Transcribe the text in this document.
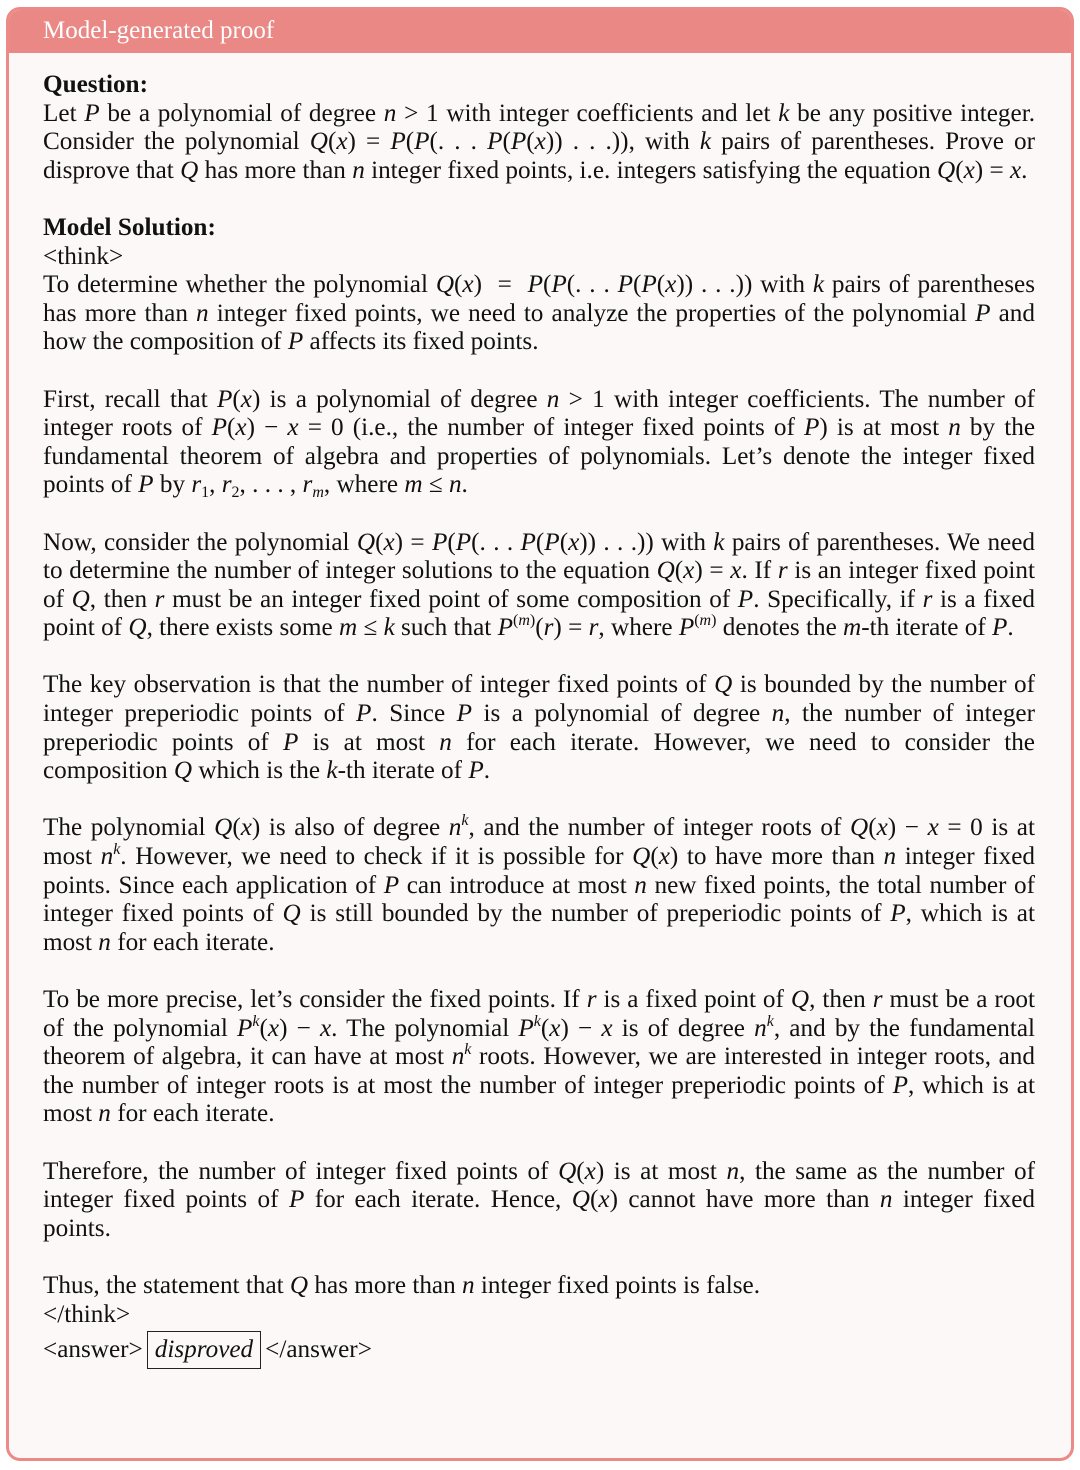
Model-generated proof
Question:

Let P be a polynomial of degree n > 1 with integer coefficients and let k be any positive integer. Consider the polynomial Q(x) = P(P(. . . P(P(x)) . . .)), with k pairs of parentheses. Prove or disprove that Q has more than n integer fixed points, i.e. integers satisfying the equation Q(x) = x.

Model Solution:
<think>

To determine whether the polynomial Q(x)  =  P(P(. . . P(P(x)) . . .)) with k pairs of parentheses has more than n integer fixed points, we need to analyze the properties of the polynomial P and how the composition of P affects its fixed points.

First, recall that P(x) is a polynomial of degree n > 1 with integer coefficients. The number of integer roots of P(x) − x = 0 (i.e., the number of integer fixed points of P) is at most n by the fundamental theorem of algebra and properties of polynomials. Let’s denote the integer fixed points of P by $r_1$, $r_2$, . . . , $r_m$, where m ≤ n.

Now, consider the polynomial Q(x) = P(P(. . . P(P(x)) . . .)) with k pairs of parentheses. We need to determine the number of integer solutions to the equation Q(x) = x. If r is an integer fixed point of Q, then r must be an integer fixed point of some composition of P. Specifically, if r is a fixed point of Q, there exists some m ≤ k such that $P^{(m)}(r) = r$, where $P^{(m)}$ denotes the m-th iterate of P.

The key observation is that the number of integer fixed points of Q is bounded by the number of integer preperiodic points of P. Since P is a polynomial of degree n, the number of integer preperiodic points of P is at most n for each iterate. However, we need to consider the composition Q which is the k-th iterate of P.

The polynomial Q(x) is also of degree $n^k$, and the number of integer roots of Q(x) − x = 0 is at most $n^k$. However, we need to check if it is possible for Q(x) to have more than n integer fixed points. Since each application of P can introduce at most n new fixed points, the total number of integer fixed points of Q is still bounded by the number of preperiodic points of P, which is at most n for each iterate.

To be more precise, let’s consider the fixed points. If r is a fixed point of Q, then r must be a root of the polynomial $P^k(x) - x$. The polynomial $P^k(x) - x$ is of degree $n^k$, and by the fundamental theorem of algebra, it can have at most $n^k$ roots. However, we are interested in integer roots, and the number of integer roots is at most the number of integer preperiodic points of P, which is at most n for each iterate.

Therefore, the number of integer fixed points of Q(x) is at most n, the same as the number of integer fixed points of P for each iterate. Hence, Q(x) cannot have more than n integer fixed points.

Thus, the statement that Q has more than n integer fixed points is false.

</think>
<answer> disproved </answer>
